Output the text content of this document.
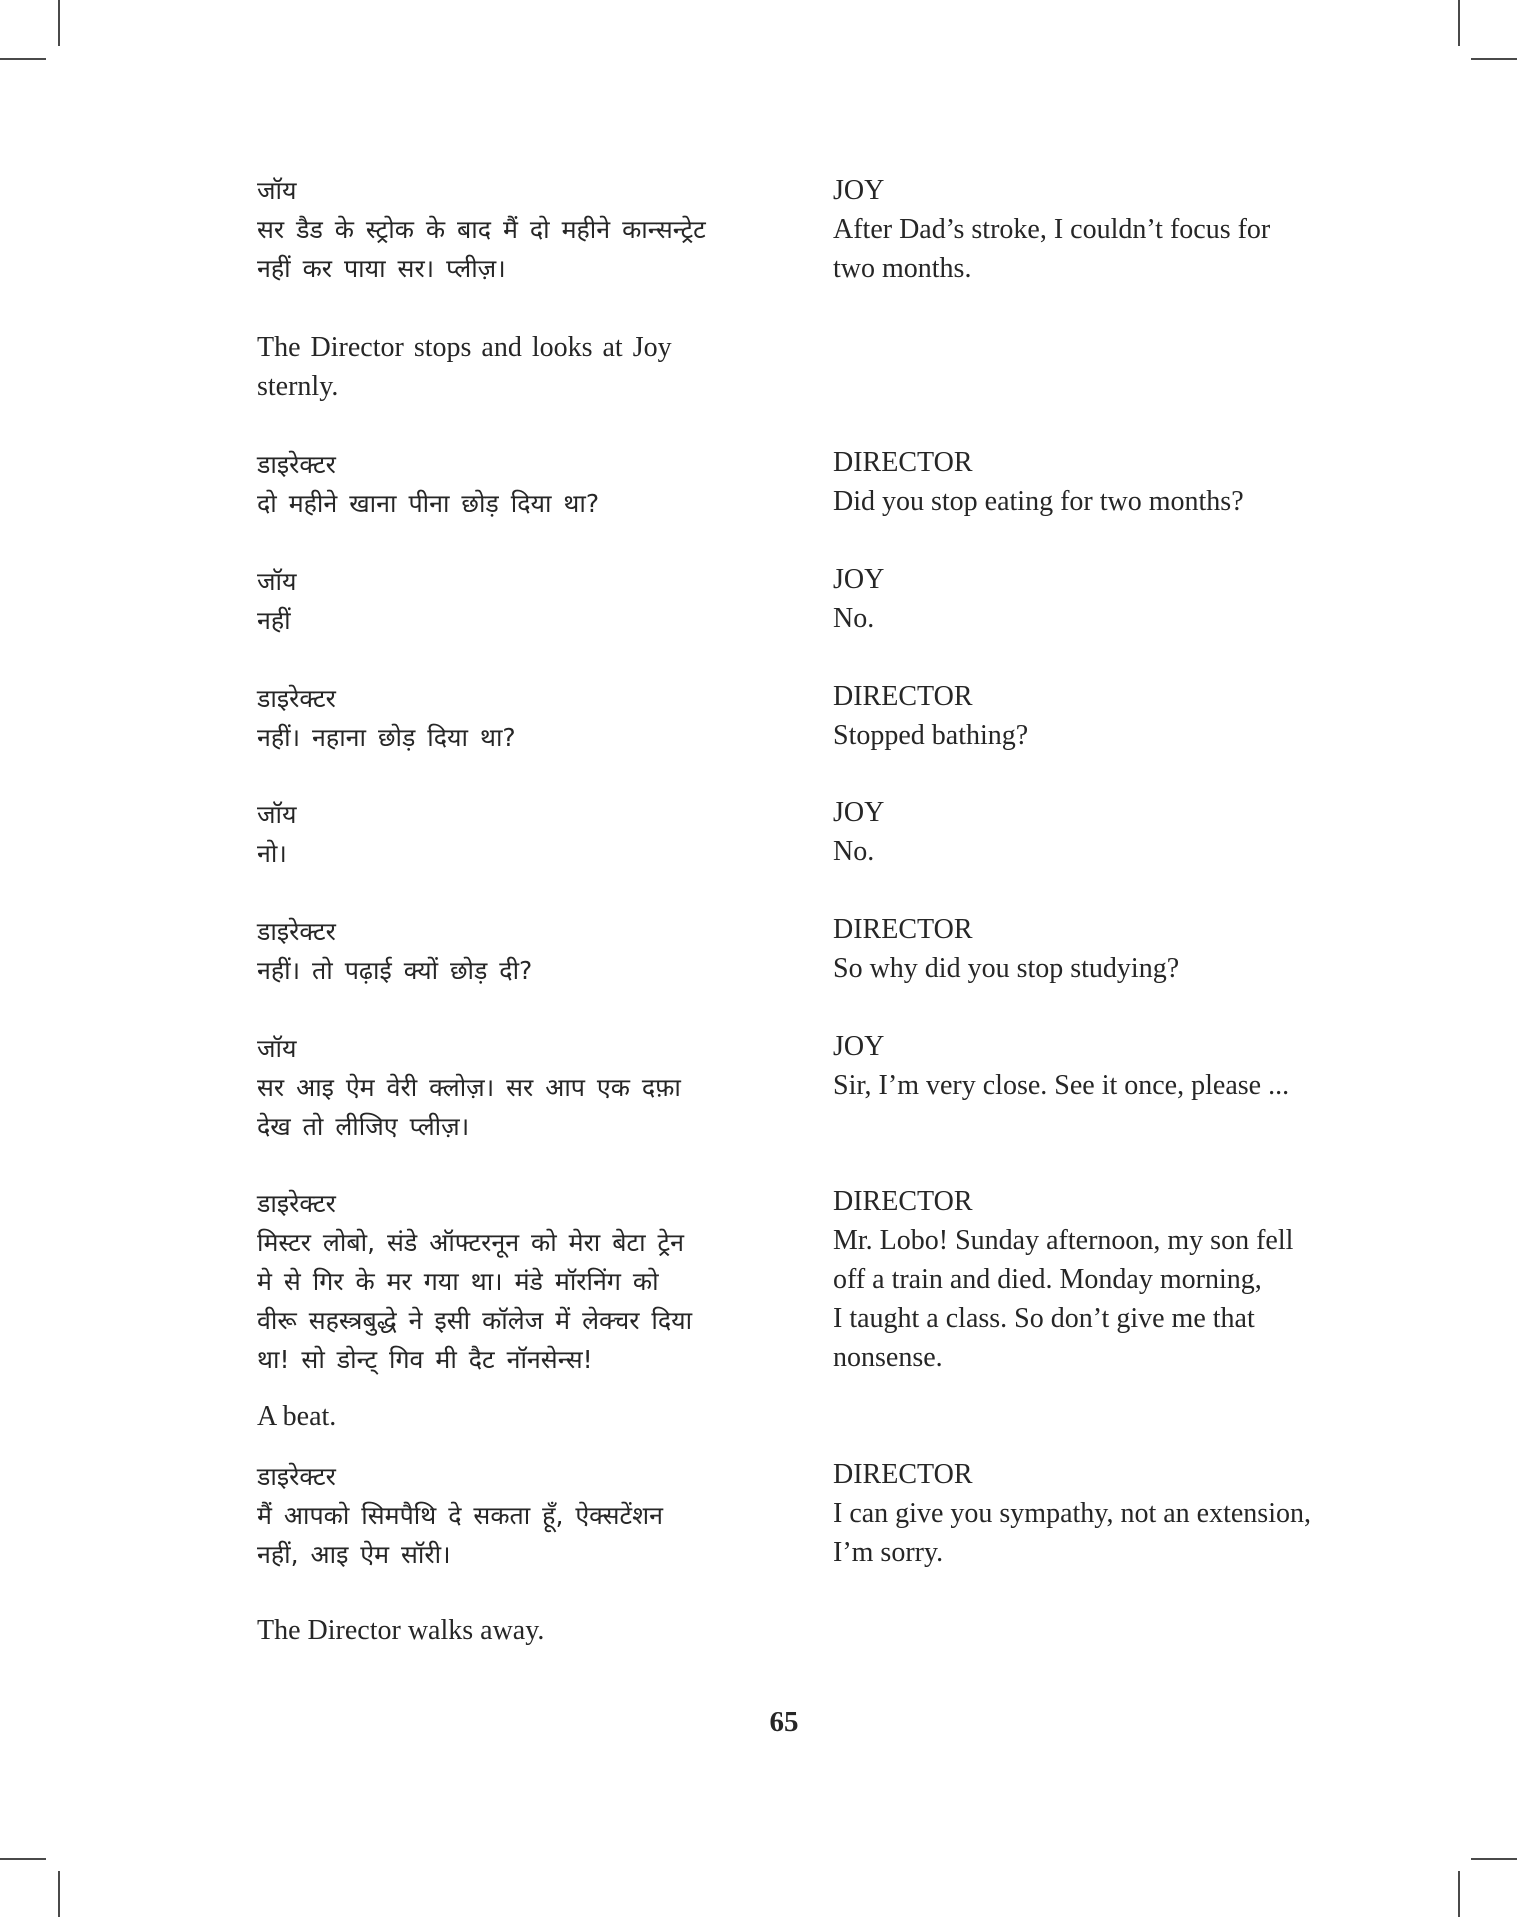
जॉय
सर डैड के स्ट्रोक के बाद मैं दो महीने कान्सन्ट्रेट
नहीं कर पाया सर। प्लीज़।
The Director stops and looks at Joy
sternly.
डाइरेक्टर
दो महीने खाना पीना छोड़ दिया था?
जॉय
नहीं
डाइरेक्टर
नहीं। नहाना छोड़ दिया था?
जॉय
नो।
डाइरेक्टर
नहीं। तो पढ़ाई क्यों छोड़ दी?
जॉय
सर आइ ऐम वेरी क्लोज़। सर आप एक दफ़ा
देख तो लीजिए प्लीज़।
डाइरेक्टर
मिस्टर लोबो, संडे ऑफ्टरनून को मेरा बेटा ट्रेन
मे से गिर के मर गया था। मंडे मॉरनिंग को
वीरू सहस्त्रबुद्धे ने इसी कॉलेज में लेक्चर दिया
था! सो डोन्ट् गिव मी दैट नॉनसेन्स!
A beat.
डाइरेक्टर
मैं आपको सिमपैथि दे सकता हूँ, ऐक्सटेंशन
नहीं, आइ ऐम सॉरी।
The Director walks away.
JOY
After Dad’s stroke, I couldn’t focus for
two months.
DIRECTOR
Did you stop eating for two months?
JOY
No.
DIRECTOR
Stopped bathing?
JOY
No.
DIRECTOR
So why did you stop studying?
JOY
Sir, I’m very close. See it once, please ...
DIRECTOR
Mr. Lobo! Sunday afternoon, my son fell
off a train and died. Monday morning,
I taught a class. So don’t give me that
nonsense.
DIRECTOR
I can give you sympathy, not an extension,
I’m sorry.
65
